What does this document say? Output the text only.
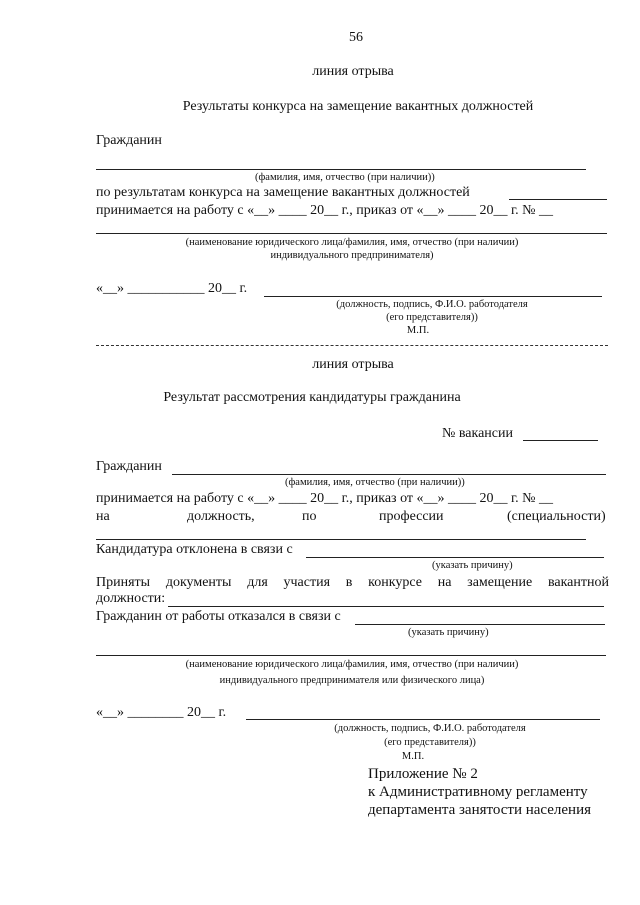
56
линия отрыва
Результаты конкурса на замещение вакантных должностей
Гражданин
(фамилия, имя, отчество (при наличии))
по результатам конкурса на замещение вакантных должностей
принимается на работу с «__» ____ 20__ г., приказ от «__» ____ 20__ г. № __
(наименование юридического лица/фамилия, имя, отчество (при наличии)
индивидуального предпринимателя)
«__» ___________ 20__ г.
(должность, подпись, Ф.И.О. работодателя
(его представителя))
М.П.
линия отрыва
Результат рассмотрения кандидатуры гражданина
№ вакансии
Гражданин
(фамилия, имя, отчество (при наличии))
принимается на работу с «__» ____ 20__ г., приказ от «__» ____ 20__ г. № __
на	должность,	по	профессии	(специальности)
Кандидатура отклонена в связи с
(указать причину)
Приняты документы для участия в конкурсе на замещение вакантной
должности:
Гражданин от работы отказался в связи с
(указать причину)
(наименование юридического лица/фамилия, имя, отчество (при наличии)
индивидуального предпринимателя или физического лица)
«__» ________ 20__ г.
(должность, подпись, Ф.И.О. работодателя
(его представителя))
М.П.
Приложение № 2
к Административному регламенту
департамента занятости населения
